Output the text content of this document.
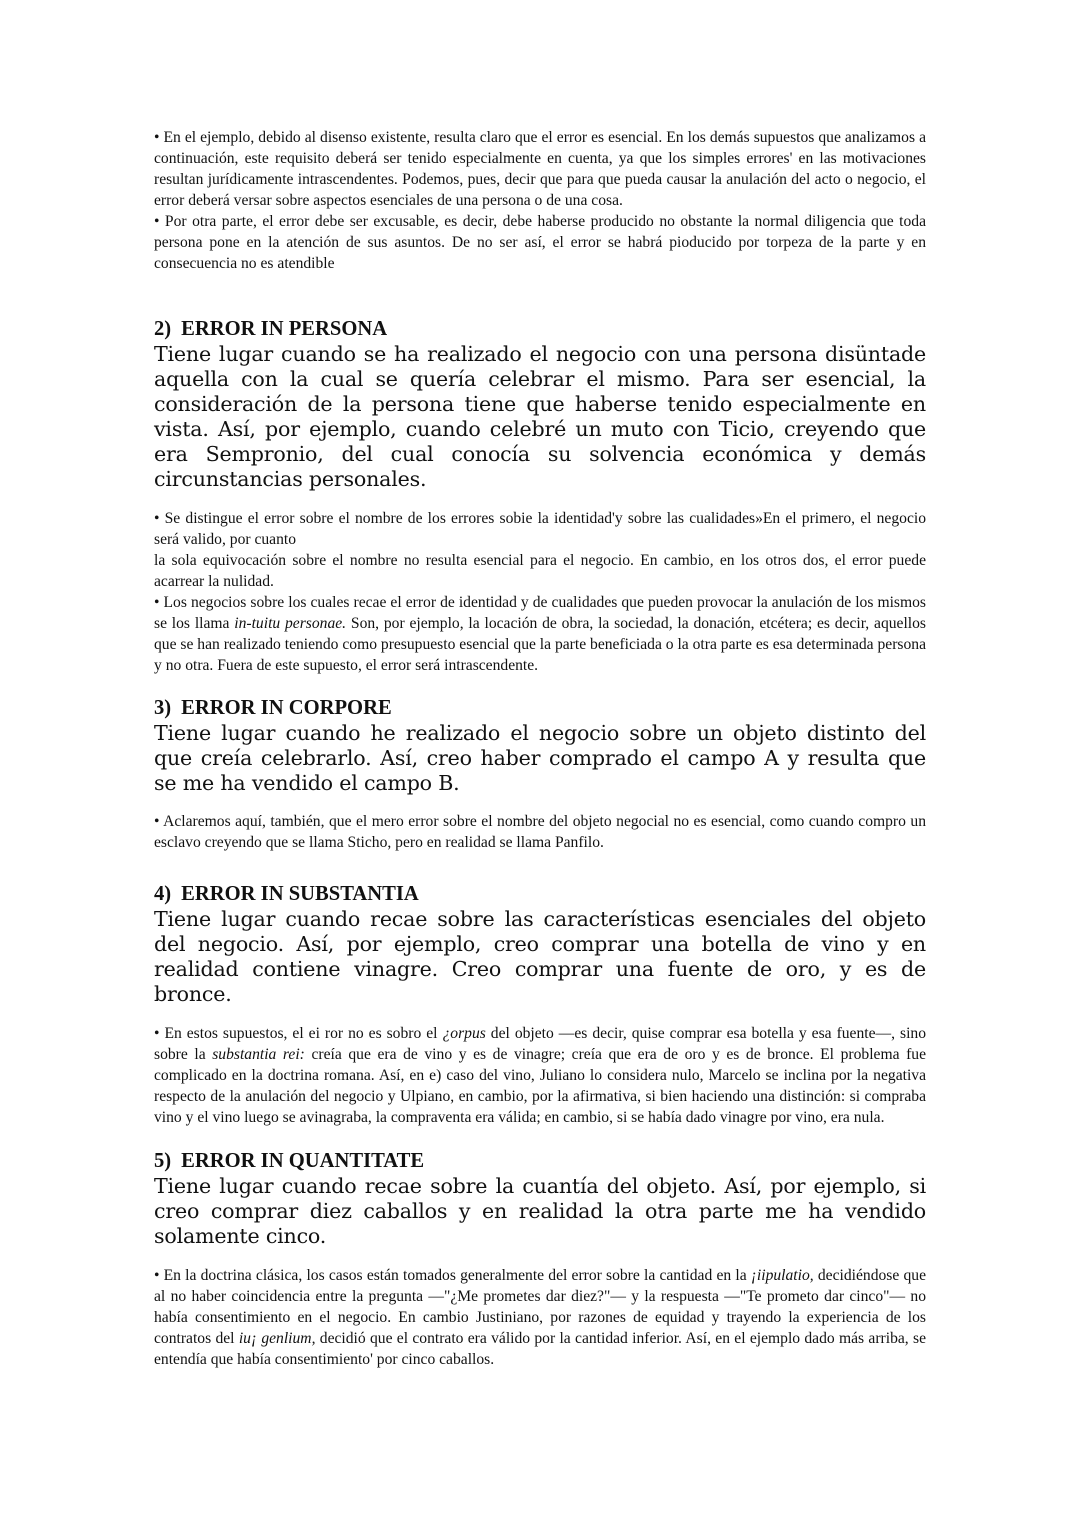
• En el ejemplo, debido al disenso existente, resulta claro que el error es esencial. En los demás supuestos que analizamos a continuación, este requisito deberá ser tenido especialmente en cuenta, ya que los simples errores' en las motivaciones resultan jurídicamente intrascendentes. Podemos, pues, decir que para que pueda causar la anulación del acto o negocio, el error deberá versar sobre aspectos esenciales de una persona o de una cosa.

• Por otra parte, el error debe ser excusable, es decir, debe haberse producido no obstante la normal diligencia que toda persona pone en la atención de sus asuntos. De no ser así, el error se habrá pioducido por torpeza de la parte y en consecuencia no es atendible

2) ERROR IN PERSONA

Tiene lugar cuando se ha realizado el negocio con una persona disüntade aquella con la cual se quería celebrar el mismo. Para ser esencial, la consideración de la persona tiene que haberse tenido especialmente en vista. Así, por ejemplo, cuando celebré un muto con Ticio, creyendo que era Sempronio, del cual conocía su solvencia económica y demás circunstancias personales.

• Se distingue el error sobre el nombre de los errores sobie la identidad'y sobre las cualidades»En el primero, el negocio será valido, por cuanto

la sola equivocación sobre el nombre no resulta esencial para el negocio. En cambio, en los otros dos, el error puede acarrear la nulidad.

• Los negocios sobre los cuales recae el error de identidad y de cualidades que pueden provocar la anulación de los mismos se los llama in-tuitu personae. Son, por ejemplo, la locación de obra, la sociedad, la donación, etcétera; es decir, aquellos que se han realizado teniendo como presupuesto esencial que la parte beneficiada o la otra parte es esa determinada persona y no otra. Fuera de este supuesto, el error será intrascendente.

3) ERROR IN CORPORE

Tiene lugar cuando he realizado el negocio sobre un objeto distinto del que creía celebrarlo. Así, creo haber comprado el campo A y resulta que se me ha vendido el campo B.

• Aclaremos aquí, también, que el mero error sobre el nombre del objeto negocial no es esencial, como cuando compro un esclavo creyendo que se llama Sticho, pero en realidad se llama Panfilo.

4) ERROR IN SUBSTANTIA

Tiene lugar cuando recae sobre las características esenciales del objeto del negocio. Así, por ejemplo, creo comprar una botella de vino y en realidad contiene vinagre. Creo comprar una fuente de oro, y es de bronce.

• En estos supuestos, el ei ror no es sobro el ¿orpus del objeto —es decir, quise comprar esa botella y esa fuente—, sino sobre la substantia rei: creía que era de vino y es de vinagre; creía que era de oro y es de bronce. El problema fue complicado en la doctrina romana. Así, en e) caso del vino, Juliano lo considera nulo, Marcelo se inclina por la negativa respecto de la anulación del negocio y Ulpiano, en cambio, por la afirmativa, si bien haciendo una distinción: si compraba vino y el vino luego se avinagraba, la compraventa era válida; en cambio, si se había dado vinagre por vino, era nula.

5) ERROR IN QUANTITATE

Tiene lugar cuando recae sobre la cuantía del objeto. Así, por ejemplo, si creo comprar diez caballos y en realidad la otra parte me ha vendido solamente cinco.

• En la doctrina clásica, los casos están tomados generalmente del error sobre la cantidad en la ¡iipulatio, decidiéndose que al no haber coincidencia entre la pregunta —"¿Me prometes dar diez?"— y la respuesta —"Te prometo dar cinco"— no había consentimiento en el negocio. En cambio Justiniano, por razones de equidad y trayendo la experiencia de los contratos del iu¡ genlium, decidió que el contrato era válido por la cantidad inferior. Así, en el ejemplo dado más arriba, se entendía que había consentimiento' por cinco caballos.
